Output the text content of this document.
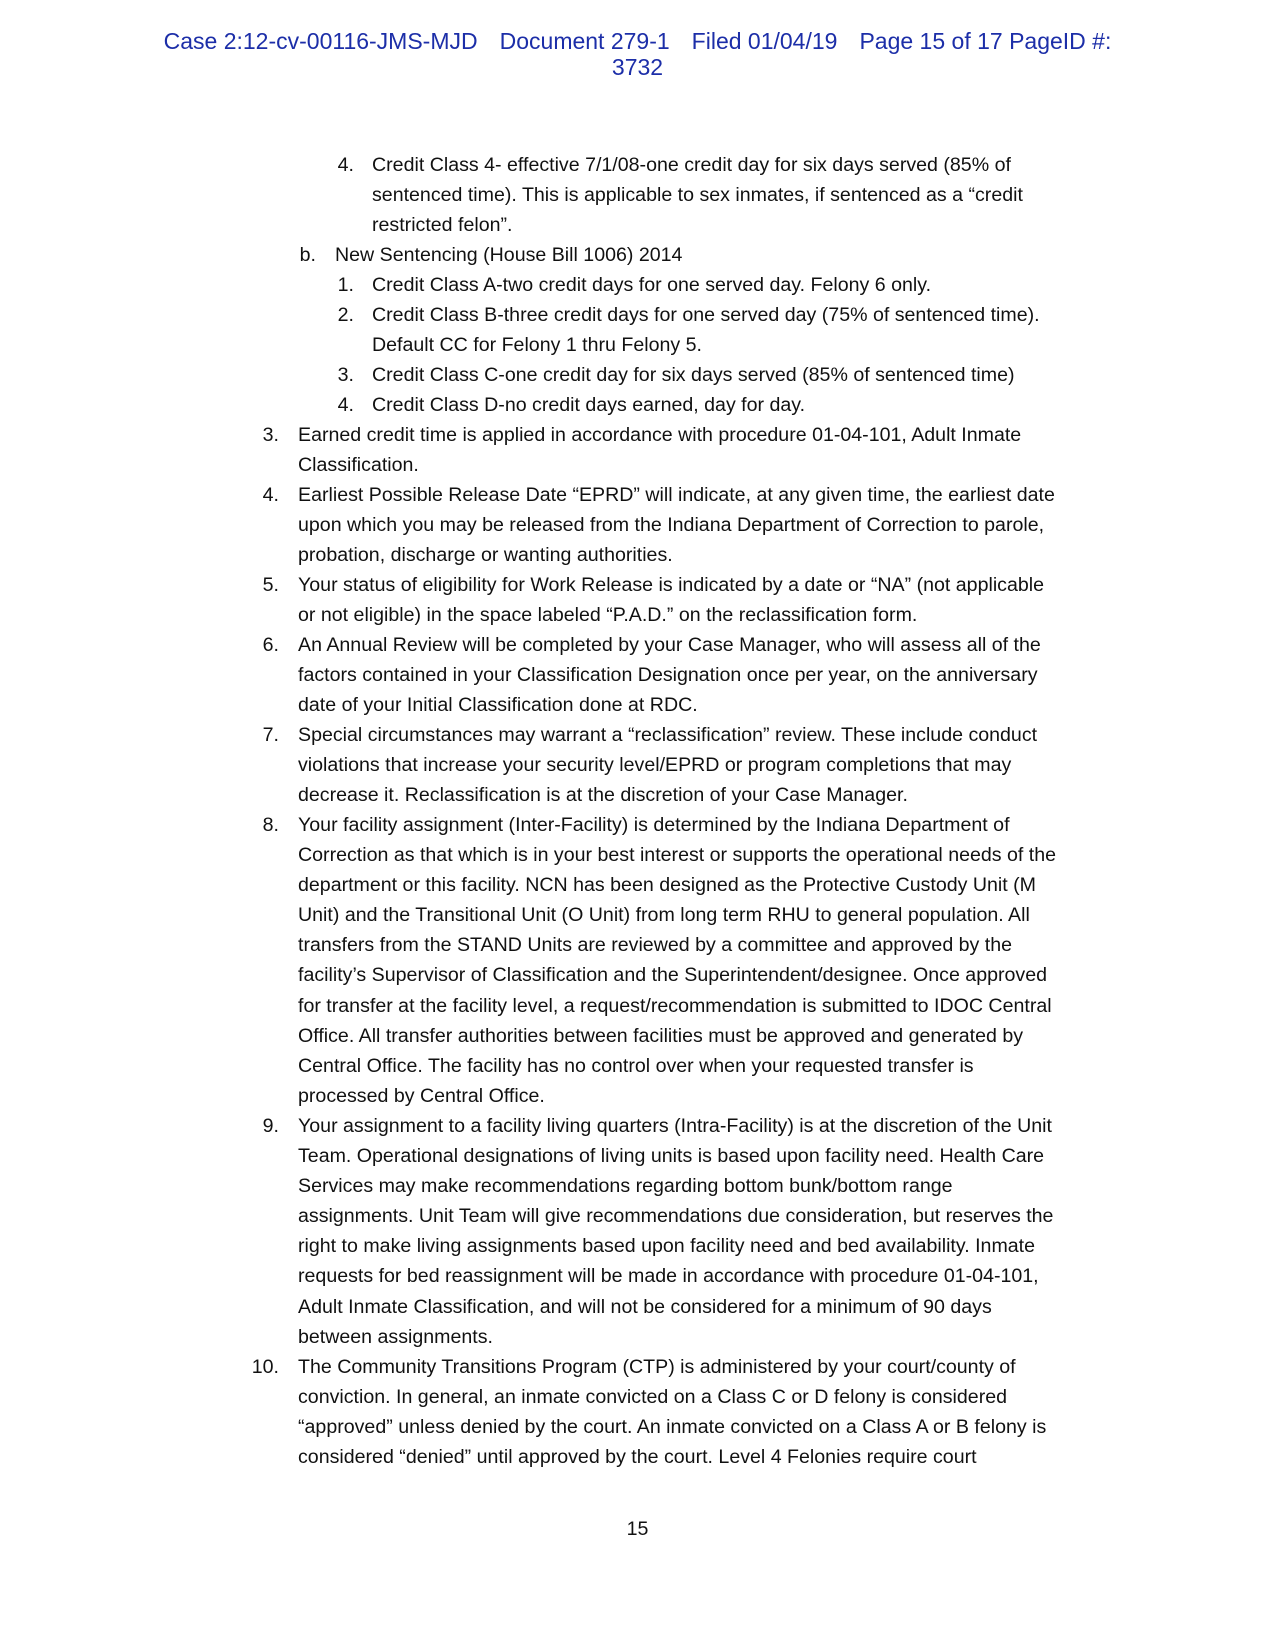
Case 2:12-cv-00116-JMS-MJD Document 279-1 Filed 01/04/19 Page 15 of 17 PageID #:
3732
4. Credit Class 4- effective 7/1/08-one credit day for six days served (85% of
sentenced time). This is applicable to sex inmates, if sentenced as a “credit
restricted felon”.
b. New Sentencing (House Bill 1006) 2014
1. Credit Class A-two credit days for one served day. Felony 6 only.
2. Credit Class B-three credit days for one served day (75% of sentenced time).
Default CC for Felony 1 thru Felony 5.
3. Credit Class C-one credit day for six days served (85% of sentenced time)
4. Credit Class D-no credit days earned, day for day.
3. Earned credit time is applied in accordance with procedure 01-04-101, Adult Inmate
Classification.
4. Earliest Possible Release Date “EPRD” will indicate, at any given time, the earliest date
upon which you may be released from the Indiana Department of Correction to parole,
probation, discharge or wanting authorities.
5. Your status of eligibility for Work Release is indicated by a date or “NA” (not applicable
or not eligible) in the space labeled “P.A.D.” on the reclassification form.
6. An Annual Review will be completed by your Case Manager, who will assess all of the
factors contained in your Classification Designation once per year, on the anniversary
date of your Initial Classification done at RDC.
7. Special circumstances may warrant a “reclassification” review. These include conduct
violations that increase your security level/EPRD or program completions that may
decrease it. Reclassification is at the discretion of your Case Manager.
8. Your facility assignment (Inter-Facility) is determined by the Indiana Department of
Correction as that which is in your best interest or supports the operational needs of the
department or this facility. NCN has been designed as the Protective Custody Unit (M
Unit) and the Transitional Unit (O Unit) from long term RHU to general population. All
transfers from the STAND Units are reviewed by a committee and approved by the
facility’s Supervisor of Classification and the Superintendent/designee. Once approved
for transfer at the facility level, a request/recommendation is submitted to IDOC Central
Office. All transfer authorities between facilities must be approved and generated by
Central Office. The facility has no control over when your requested transfer is
processed by Central Office.
9. Your assignment to a facility living quarters (Intra-Facility) is at the discretion of the Unit
Team. Operational designations of living units is based upon facility need. Health Care
Services may make recommendations regarding bottom bunk/bottom range
assignments. Unit Team will give recommendations due consideration, but reserves the
right to make living assignments based upon facility need and bed availability. Inmate
requests for bed reassignment will be made in accordance with procedure 01-04-101,
Adult Inmate Classification, and will not be considered for a minimum of 90 days
between assignments.
10. The Community Transitions Program (CTP) is administered by your court/county of
conviction. In general, an inmate convicted on a Class C or D felony is considered
“approved” unless denied by the court. An inmate convicted on a Class A or B felony is
considered “denied” until approved by the court. Level 4 Felonies require court
15
